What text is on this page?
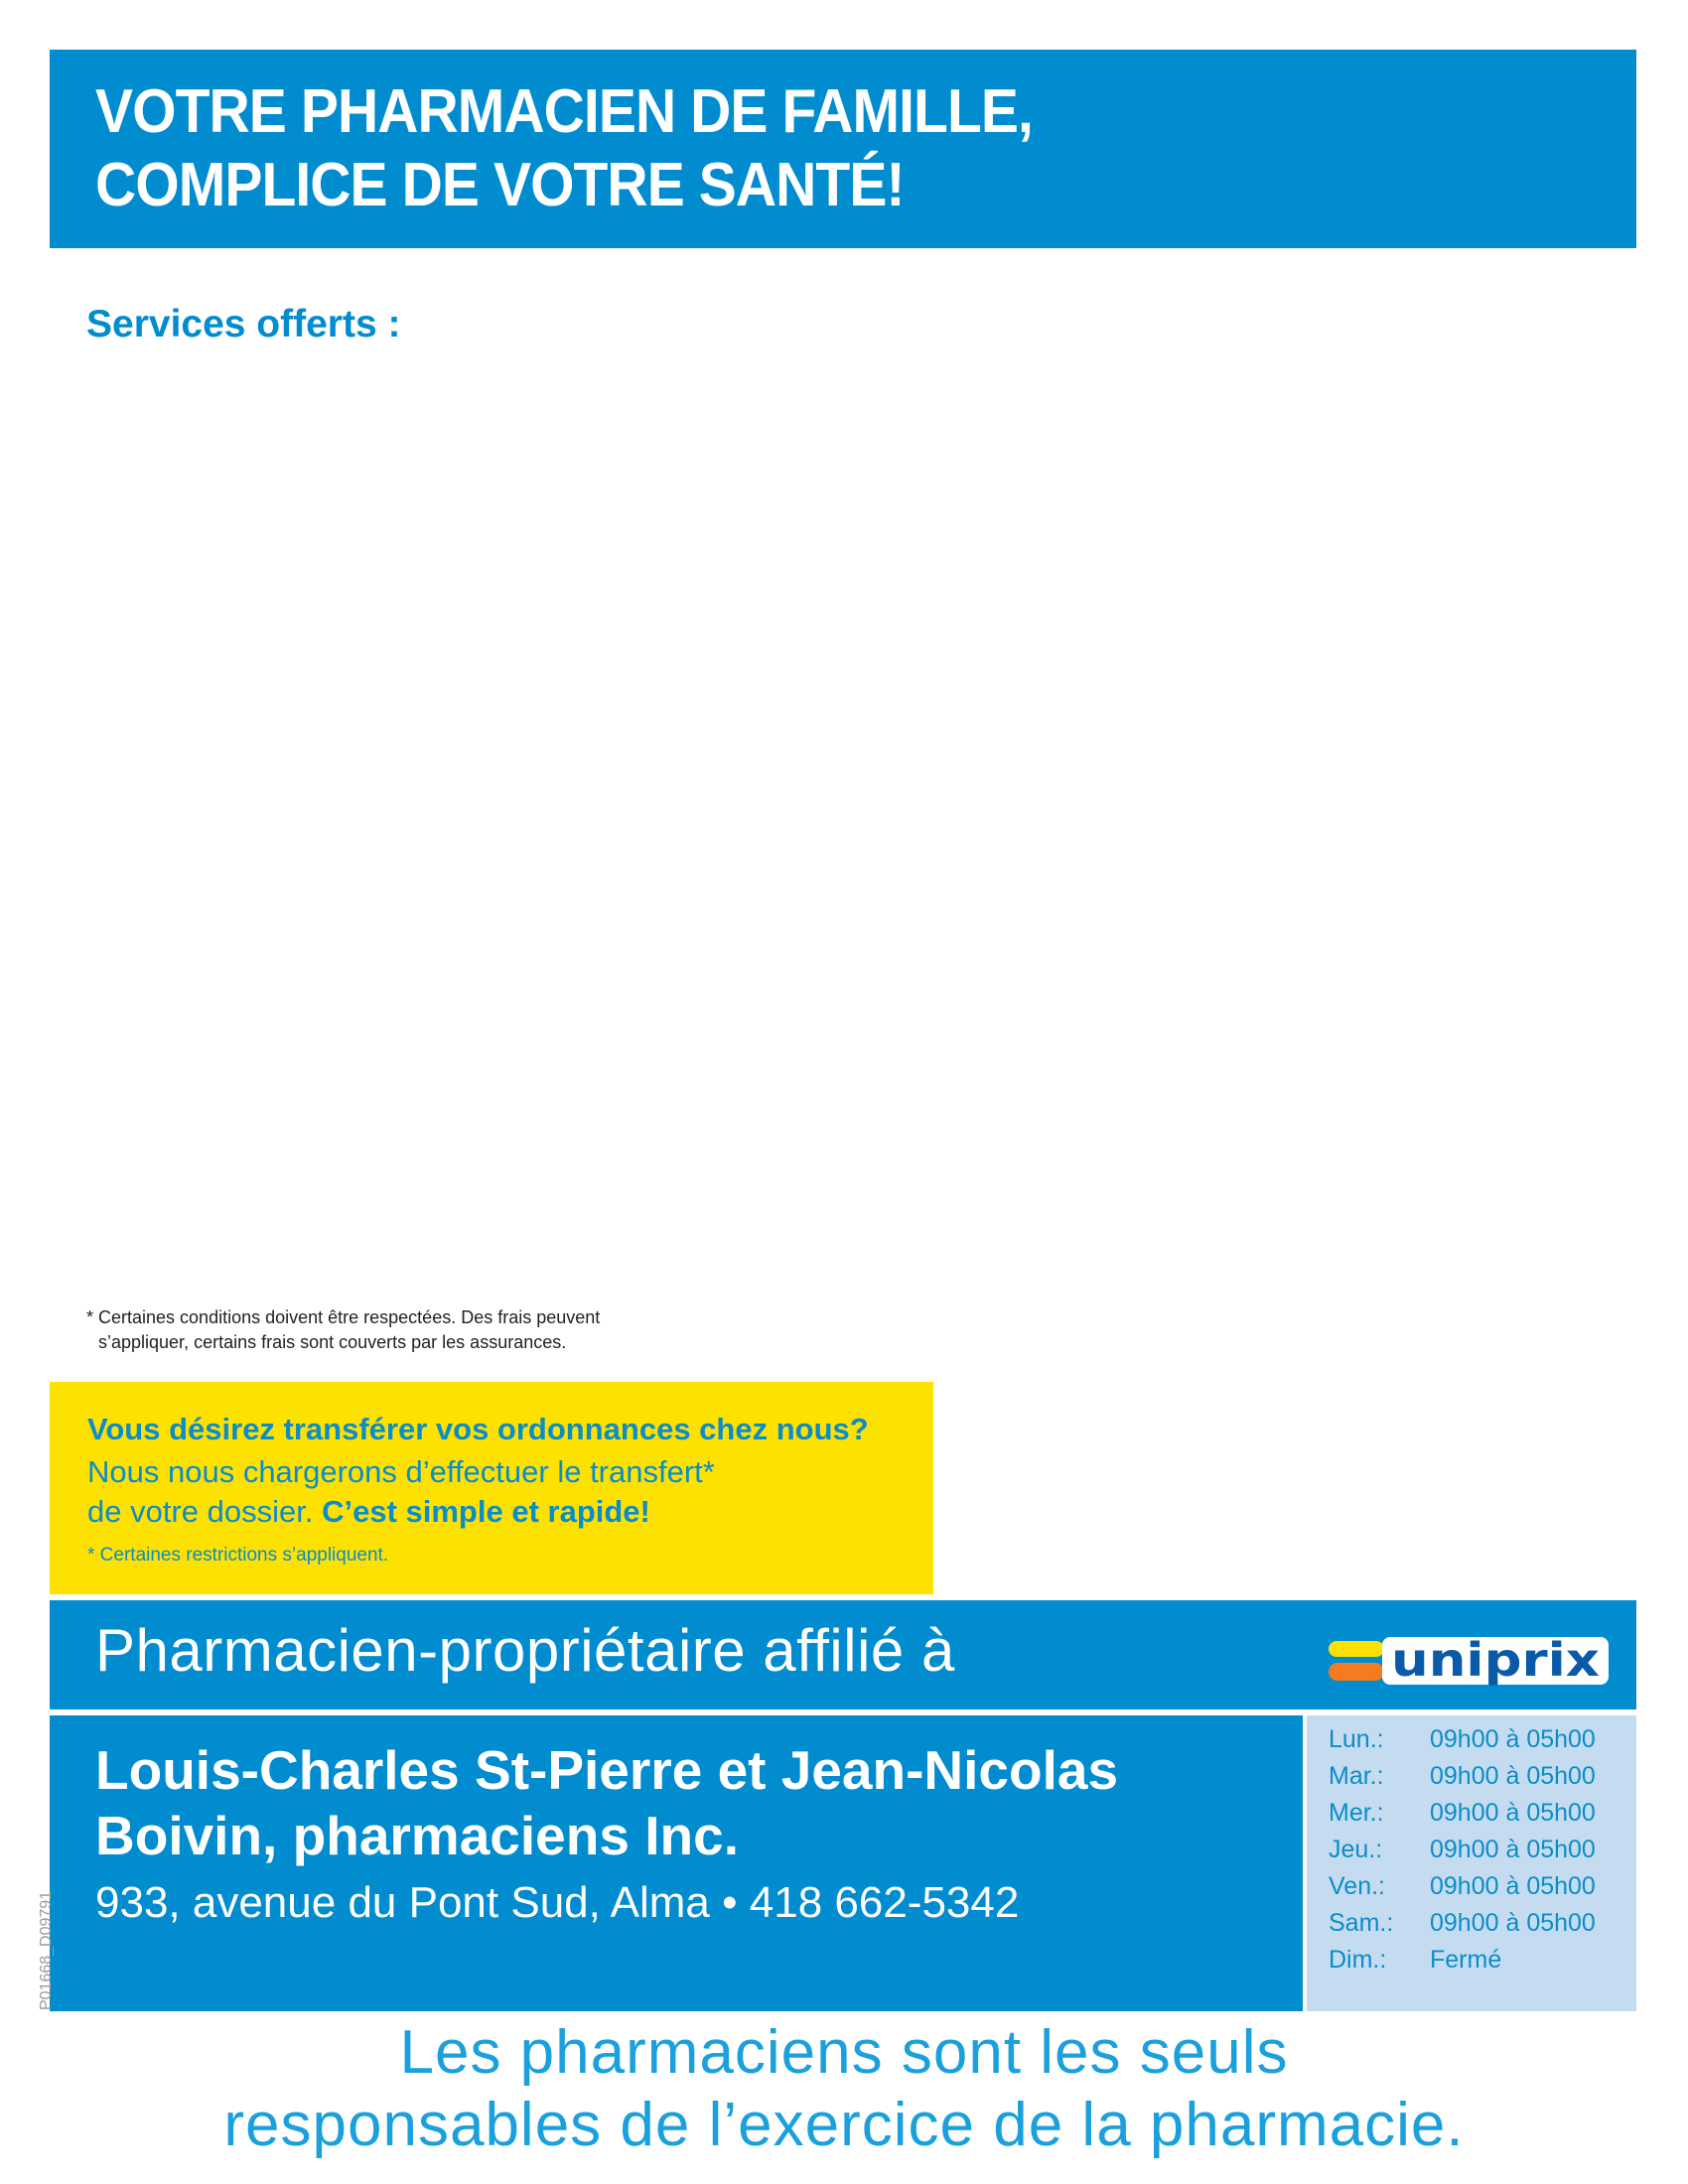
VOTRE PHARMACIEN DE FAMILLE,
COMPLICE DE VOTRE SANTÉ!
Services offerts :
* Certaines conditions doivent être respectées. Des frais peuvent
s’appliquer, certains frais sont couverts par les assurances.
Vous désirez transférer vos ordonnances chez nous?
Nous nous chargerons d’effectuer le transfert*
de votre dossier. C’est simple et rapide!
* Certaines restrictions s’appliquent.
Pharmacien-propriétaire affilié à	uniprix
Louis-Charles St-Pierre et Jean-Nicolas
Boivin, pharmaciens Inc.
933, avenue du Pont Sud, Alma • 418 662-5342
Lun.: 09h00 à 05h00
Mar.: 09h00 à 05h00
Mer.: 09h00 à 05h00
Jeu.: 09h00 à 05h00
Ven.: 09h00 à 05h00
Sam.: 09h00 à 05h00
Dim.: Fermé
P01668_D09791
Les pharmaciens sont les seuls
responsables de l’exercice de la pharmacie.
